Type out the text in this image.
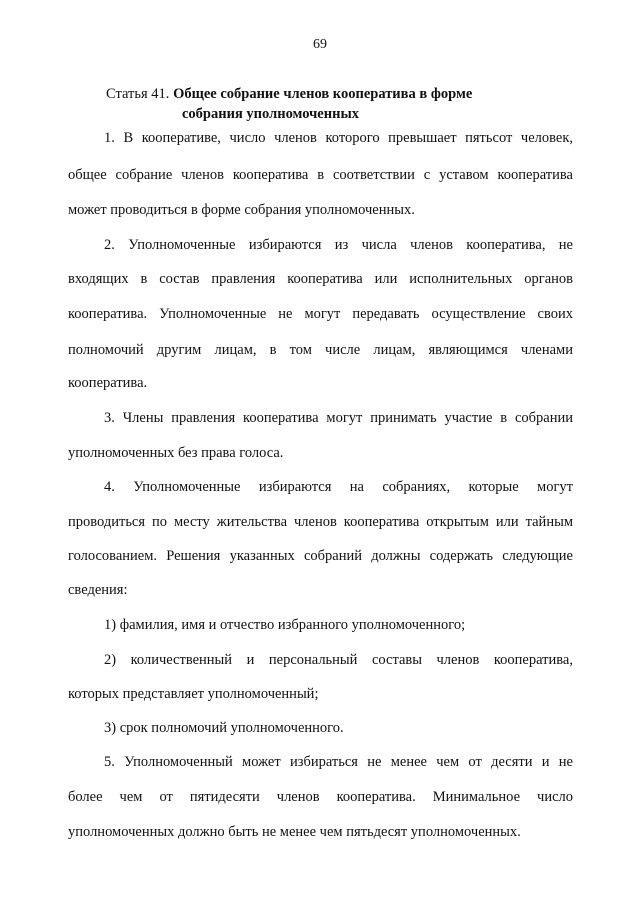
69
Статья 41. Общее собрание членов кооператива в форме
собрания уполномоченных
1. В кооперативе, число членов которого превышает пятьсот человек,
общее собрание членов кооператива в соответствии с уставом кооператива
может проводиться в форме собрания уполномоченных.
2. Уполномоченные избираются из числа членов кооператива, не
входящих в состав правления кооператива или исполнительных органов
кооператива. Уполномоченные не могут передавать осуществление своих
полномочий другим лицам, в том числе лицам, являющимся членами
кооператива.
3. Члены правления кооператива могут принимать участие в собрании
уполномоченных без права голоса.
4. Уполномоченные избираются на собраниях, которые могут
проводиться по месту жительства членов кооператива открытым или тайным
голосованием. Решения указанных собраний должны содержать следующие
сведения:
1) фамилия, имя и отчество избранного уполномоченного;
2) количественный и персональный составы членов кооператива,
которых представляет уполномоченный;
3) срок полномочий уполномоченного.
5. Уполномоченный может избираться не менее чем от десяти и не
более чем от пятидесяти членов кооператива. Минимальное число
уполномоченных должно быть не менее чем пятьдесят уполномоченных.
